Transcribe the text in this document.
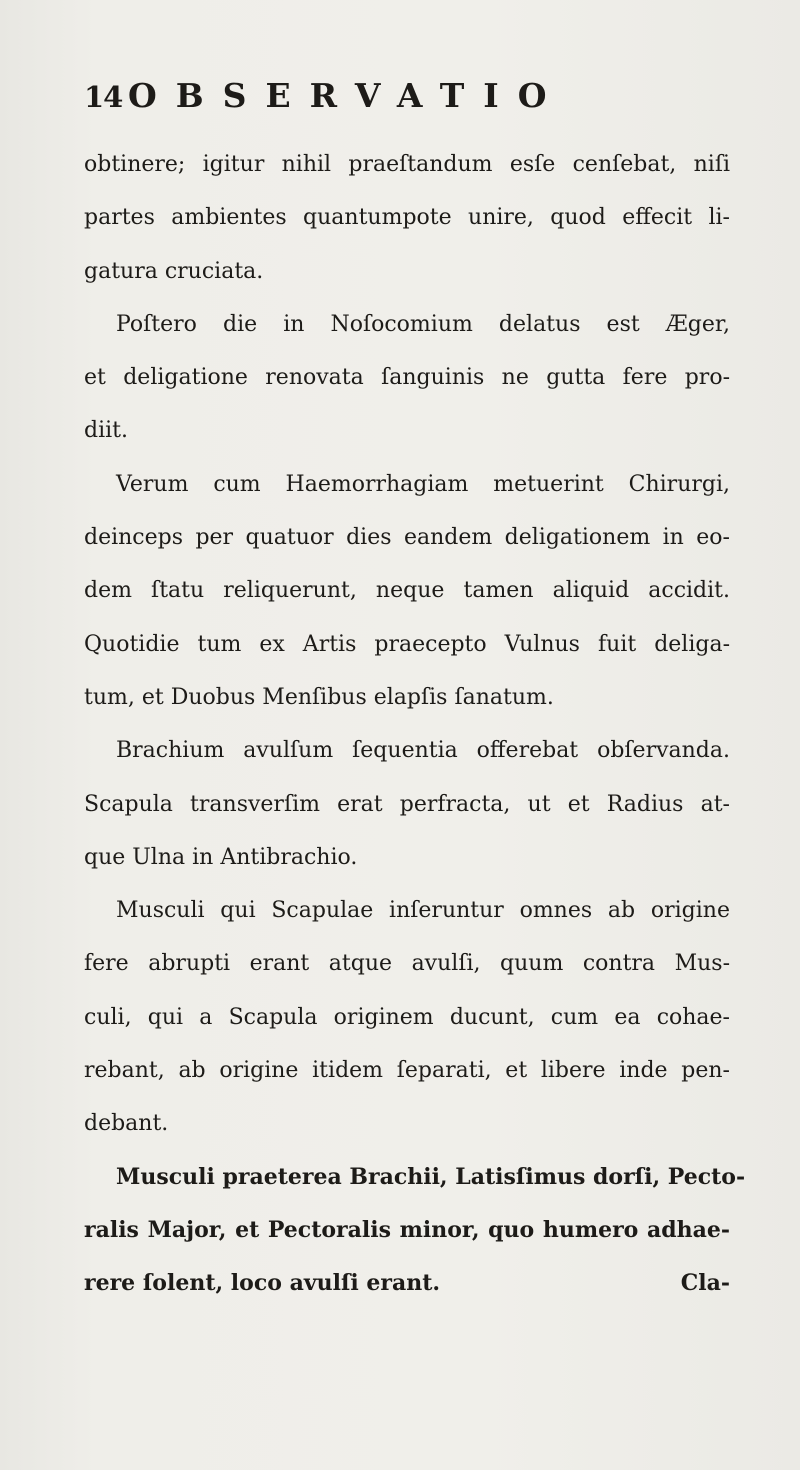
14 OBSERVATIO
obtinere; igitur nihil praeſtandum esſe cenſebat, niſi
partes ambientes quantumpote unire, quod effecit li-
gatura cruciata.
Poſtero die in Noſocomium delatus est Æger,
et deligatione renovata ſanguinis ne gutta fere pro-
diit.
Verum cum Haemorrhagiam metuerint Chirurgi,
deinceps per quatuor dies eandem deligationem in eo-
dem ſtatu reliquerunt, neque tamen aliquid accidit.
Quotidie tum ex Artis praecepto Vulnus fuit deliga-
tum, et Duobus Menſibus elapſis ſanatum.
Brachium avulſum ſequentia offerebat obſervanda.
Scapula transverſim erat perfracta, ut et Radius at-
que Ulna in Antibrachio.
Musculi qui Scapulae inſeruntur omnes ab origine
fere abrupti erant atque avulſi, quum contra Mus-
culi, qui a Scapula originem ducunt, cum ea cohae-
rebant, ab origine itidem ſeparati, et libere inde pen-
debant.
Musculi praeterea Brachii, Latisſimus dorſi, Pecto-
ralis Major, et Pectoralis minor, quo humero adhae-
rere ſolent, loco avulſi erant.	Cla-
